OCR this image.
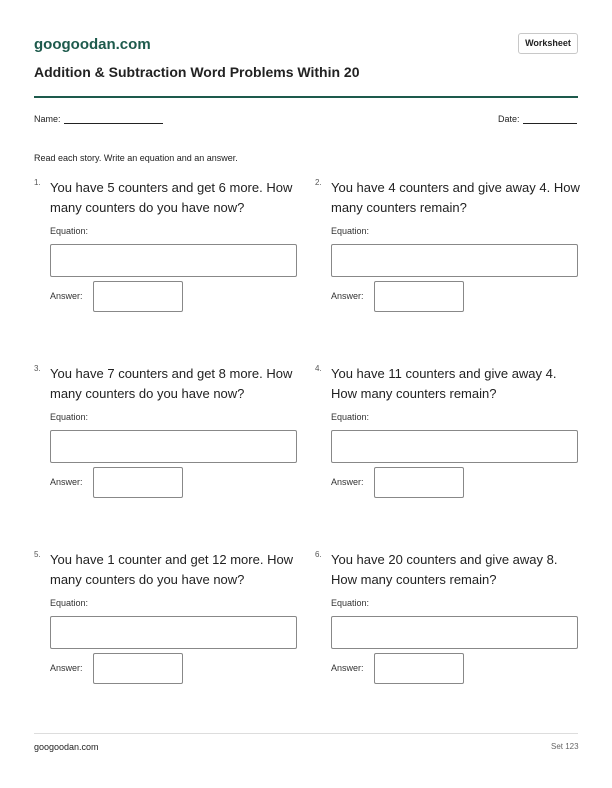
googoodan.com	Worksheet
Addition & Subtraction Word Problems Within 20
Name:	Date:
Read each story. Write an equation and an answer.
1. You have 5 counters and get 6 more. How many counters do you have now?
Equation:
Answer:
2. You have 4 counters and give away 4. How many counters remain?
Equation:
Answer:
3. You have 7 counters and get 8 more. How many counters do you have now?
Equation:
Answer:
4. You have 11 counters and give away 4. How many counters remain?
Equation:
Answer:
5. You have 1 counter and get 12 more. How many counters do you have now?
Equation:
Answer:
6. You have 20 counters and give away 8. How many counters remain?
Equation:
Answer:
googoodan.com	Set 123
